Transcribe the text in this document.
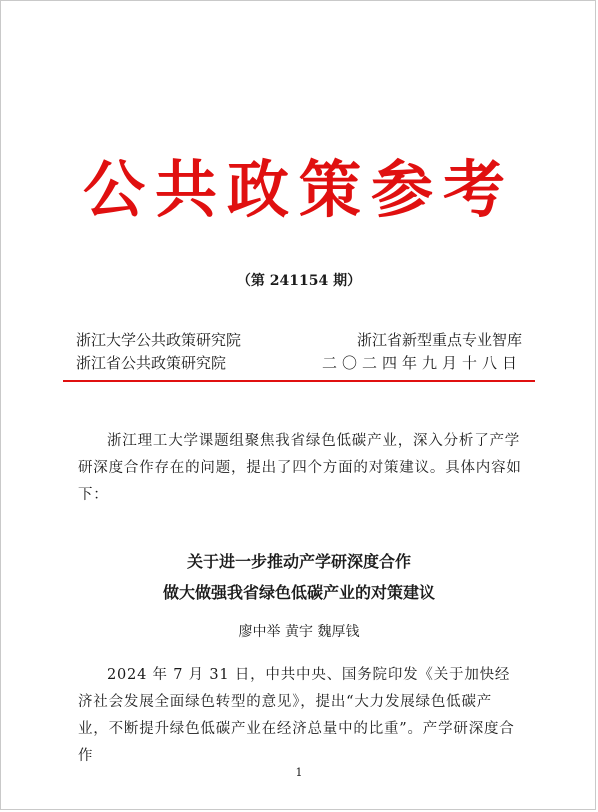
公共政策参考
（第 241154 期）
浙江大学公共政策研究院
浙江省公共政策研究院
浙江省新型重点专业智库
二〇二四年九月十八日
浙江理工大学课题组聚焦我省绿色低碳产业，深入分析了产学研深度合作存在的问题，提出了四个方面的对策建议。具体内容如下：
关于进一步推动产学研深度合作
做大做强我省绿色低碳产业的对策建议
廖中举 黄宇 魏厚钱
2024 年 7 月 31 日，中共中央、国务院印发《关于加快经济社会发展全面绿色转型的意见》，提出“大力发展绿色低碳产业，不断提升绿色低碳产业在经济总量中的比重”。产学研深度合作
1
